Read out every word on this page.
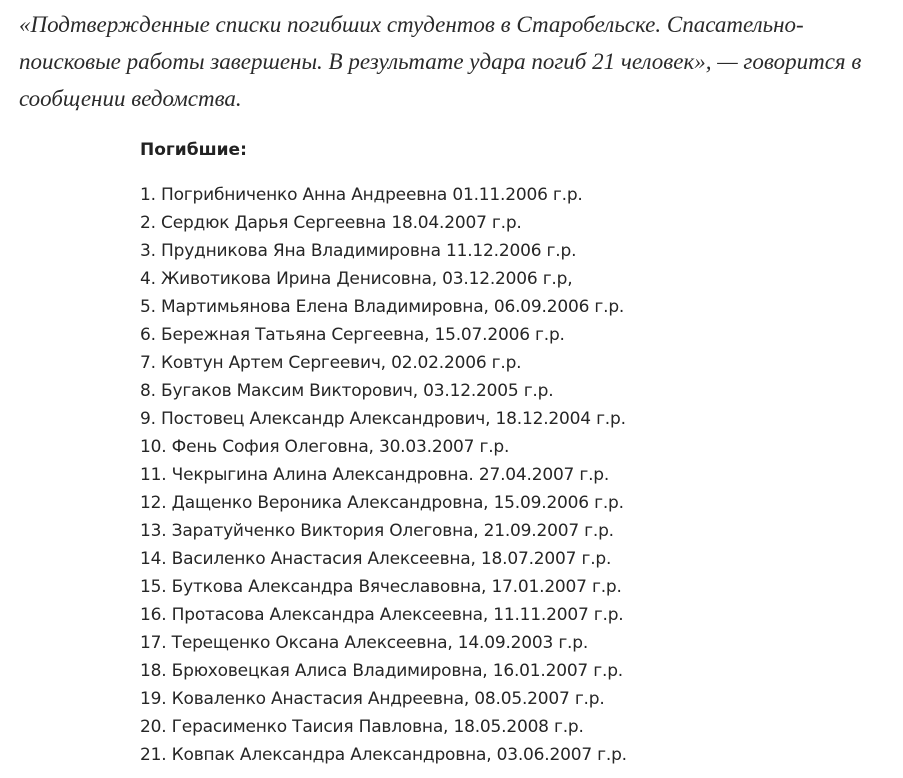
«Подтвержденные списки погибших студентов в Старобельске. Спасательно-поисковые работы завершены. В результате удара погиб 21 человек», — говорится в сообщении ведомства.

Погибшие:
1. Погрибниченко Анна Андреевна 01.11.2006 г.р.
2. Сердюк Дарья Сергеевна 18.04.2007 г.р.
3. Прудникова Яна Владимировна 11.12.2006 г.р.
4. Животикова Ирина Денисовна, 03.12.2006 г.р,
5. Мартимьянова Елена Владимировна, 06.09.2006 г.р.
6. Бережная Татьяна Сергеевна, 15.07.2006 г.р.
7. Ковтун Артем Сергеевич, 02.02.2006 г.р.
8. Бугаков Максим Викторович, 03.12.2005 г.р.
9. Постовец Александр Александрович, 18.12.2004 г.р.
10. Фень София Олеговна, 30.03.2007 г.р.
11. Чекрыгина Алина Александровна. 27.04.2007 г.р.
12. Дащенко Вероника Александровна, 15.09.2006 г.р.
13. Заратуйченко Виктория Олеговна, 21.09.2007 г.р.
14. Василенко Анастасия Алексеевна, 18.07.2007 г.р.
15. Буткова Александра Вячеславовна, 17.01.2007 г.р.
16. Протасова Александра Алексеевна, 11.11.2007 г.р.
17. Терещенко Оксана Алексеевна, 14.09.2003 г.р.
18. Брюховецкая Алиса Владимировна, 16.01.2007 г.р.
19. Коваленко Анастасия Андреевна, 08.05.2007 г.р.
20. Герасименко Таисия Павловна, 18.05.2008 г.р.
21. Ковпак Александра Александровна, 03.06.2007 г.р.
